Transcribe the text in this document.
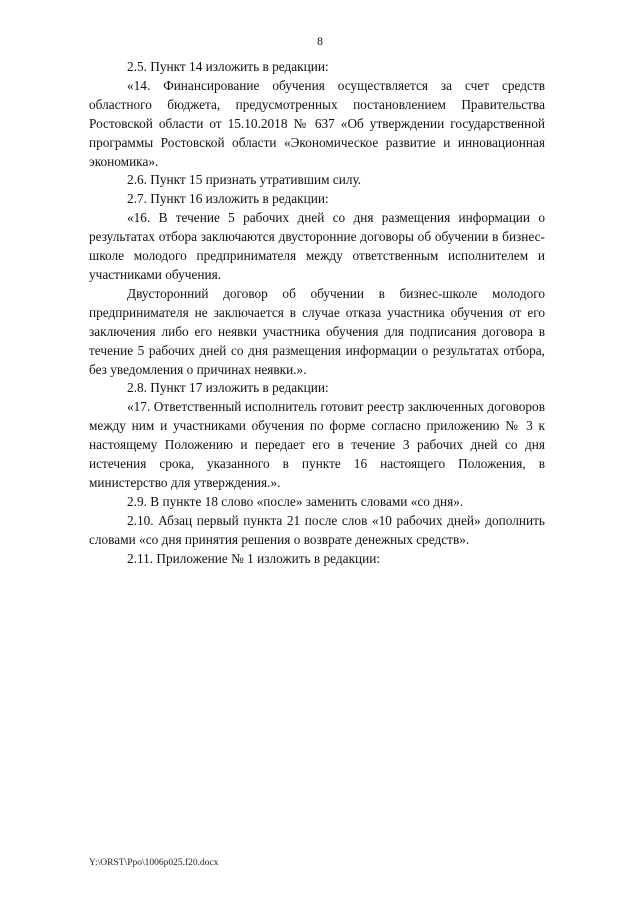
8

2.5. Пункт 14 изложить в редакции:

«14. Финансирование обучения осуществляется за счет средств областного бюджета, предусмотренных постановлением Правительства Ростовской области от 15.10.2018 № 637 «Об утверждении государственной программы Ростовской области «Экономическое развитие и инновационная экономика».

2.6. Пункт 15 признать утратившим силу.

2.7. Пункт 16 изложить в редакции:

«16. В течение 5 рабочих дней со дня размещения информации о результатах отбора заключаются двусторонние договоры об обучении в бизнес-школе молодого предпринимателя между ответственным исполнителем и участниками обучения.

Двусторонний договор об обучении в бизнес-школе молодого предпринимателя не заключается в случае отказа участника обучения от его заключения либо его неявки участника обучения для подписания договора в течение 5 рабочих дней со дня размещения информации о результатах отбора, без уведомления о причинах неявки.».

2.8. Пункт 17 изложить в редакции:

«17. Ответственный исполнитель готовит реестр заключенных договоров между ним и участниками обучения по форме согласно приложению № 3 к настоящему Положению и передает его в течение 3 рабочих дней со дня истечения срока, указанного в пункте 16 настоящего Положения, в министерство для утверждения.».

2.9. В пункте 18 слово «после» заменить словами «со дня».

2.10. Абзац первый пункта 21 после слов «10 рабочих дней» дополнить словами «со дня принятия решения о возврате денежных средств».

2.11. Приложение № 1 изложить в редакции:

Y:\ORST\Ppo\1006p025.f20.docx
